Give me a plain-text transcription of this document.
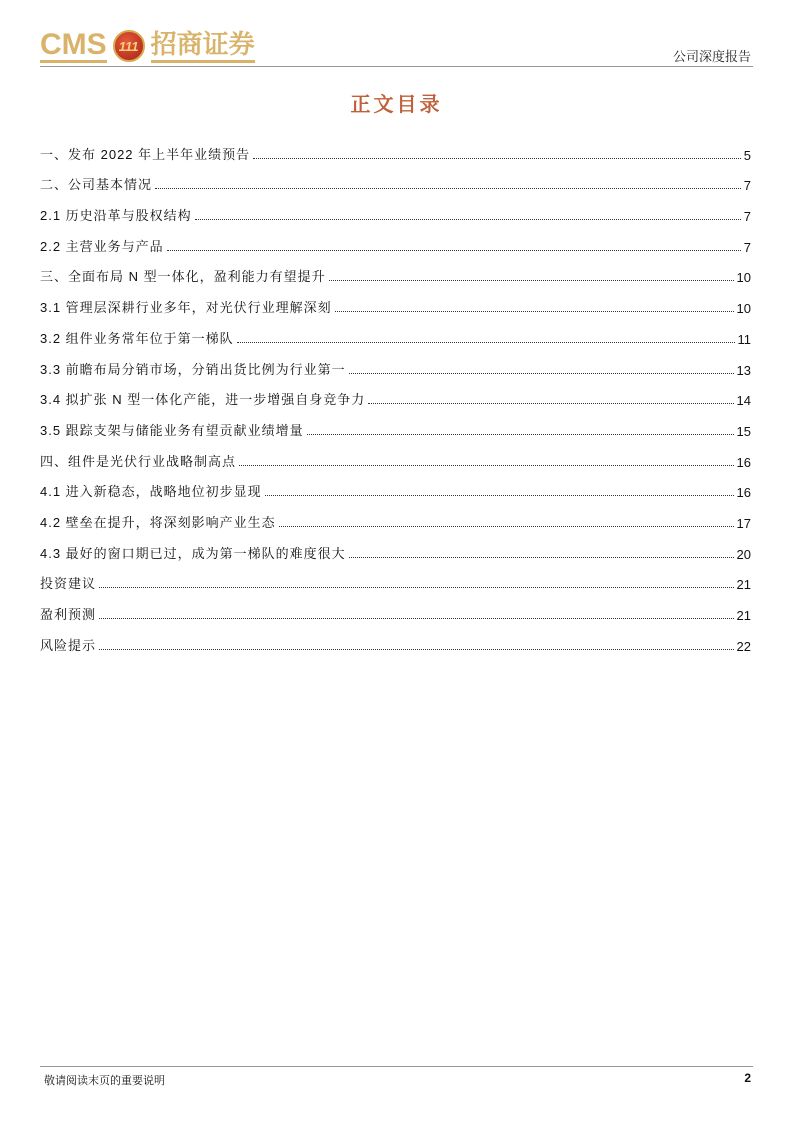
CMS 111 招商证券	公司深度报告
正文目录
一、发布 2022 年上半年业绩预告	5
二、公司基本情况	7
2.1 历史沿革与股权结构	7
2.2 主营业务与产品	7
三、全面布局 N 型一体化，盈利能力有望提升	10
3.1 管理层深耕行业多年，对光伏行业理解深刻	10
3.2 组件业务常年位于第一梯队	11
3.3 前瞻布局分销市场，分销出货比例为行业第一	13
3.4 拟扩张 N 型一体化产能，进一步增强自身竞争力	14
3.5 跟踪支架与储能业务有望贡献业绩增量	15
四、组件是光伏行业战略制高点	16
4.1 进入新稳态，战略地位初步显现	16
4.2 壁垒在提升，将深刻影响产业生态	17
4.3 最好的窗口期已过，成为第一梯队的难度很大	20
投资建议	21
盈利预测	21
风险提示	22
敬请阅读末页的重要说明	2
